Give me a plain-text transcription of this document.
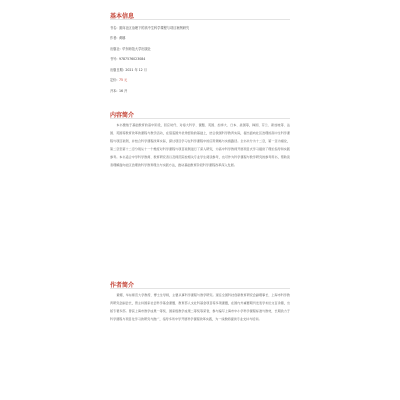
基本信息
书名: 面向社区治理下的高中生科学课程与项目案例研究
作者: 黄娜
出版社: 华东师范大学出版社
书号: 9787576023084
出版日期: 2021 年 12 月
定价: 75 元
开本: 16 开
内容简介
本书聚焦于基础教育的高中阶段，回应时代、对接大科学、课题、英国、加拿大、日本、美国等，韩国、芬兰、新加坡等、法国、英国等教育改革的课程与教学活动，在借鉴国外优秀经验的基础上，结合我国科学教育实际，提出面向社区治理的高中生科学课程与项目案例，并结合科学课程改革实际，探讨项目学习在科学课程中的应用策略与实施路径。全书共分为十二章，第一章为绪论，第二章至第十二章分别从十一个维度对科学课程与项目案例进行了深入研究，为高中科学教师开展项目式学习提供了理论指导和实践参考。本书适合中学科学教师、教育研究者以及师范院校相关专业学生阅读参考，也可作为科学课程与教学研究的参考用书，帮助读者理解面向社区治理的科学教育理念与实践方法，推动基础教育阶段科学课程改革深入发展。
作者简介
黄娜，华东师范大学教授、博士生导师，主要从事科学课程与教学研究。现任全国科技创新教育研究会副理事长、上海市科学教育研究会副会长，曾主持国家社会科学基金课题、教育部人文社科基金项目等多项课题，在国内外重要期刊发表学术论文百余篇，出版专著多部。曾获上海市教学成果一等奖、国家级教学成果二等奖等荣誉，参与编写上海市中小学科学课程标准与教材，长期致力于科学课程与项目化学习的研究与推广，指导多所中学开展科学课程改革实践，为一线教师提供专业支持与培训。
